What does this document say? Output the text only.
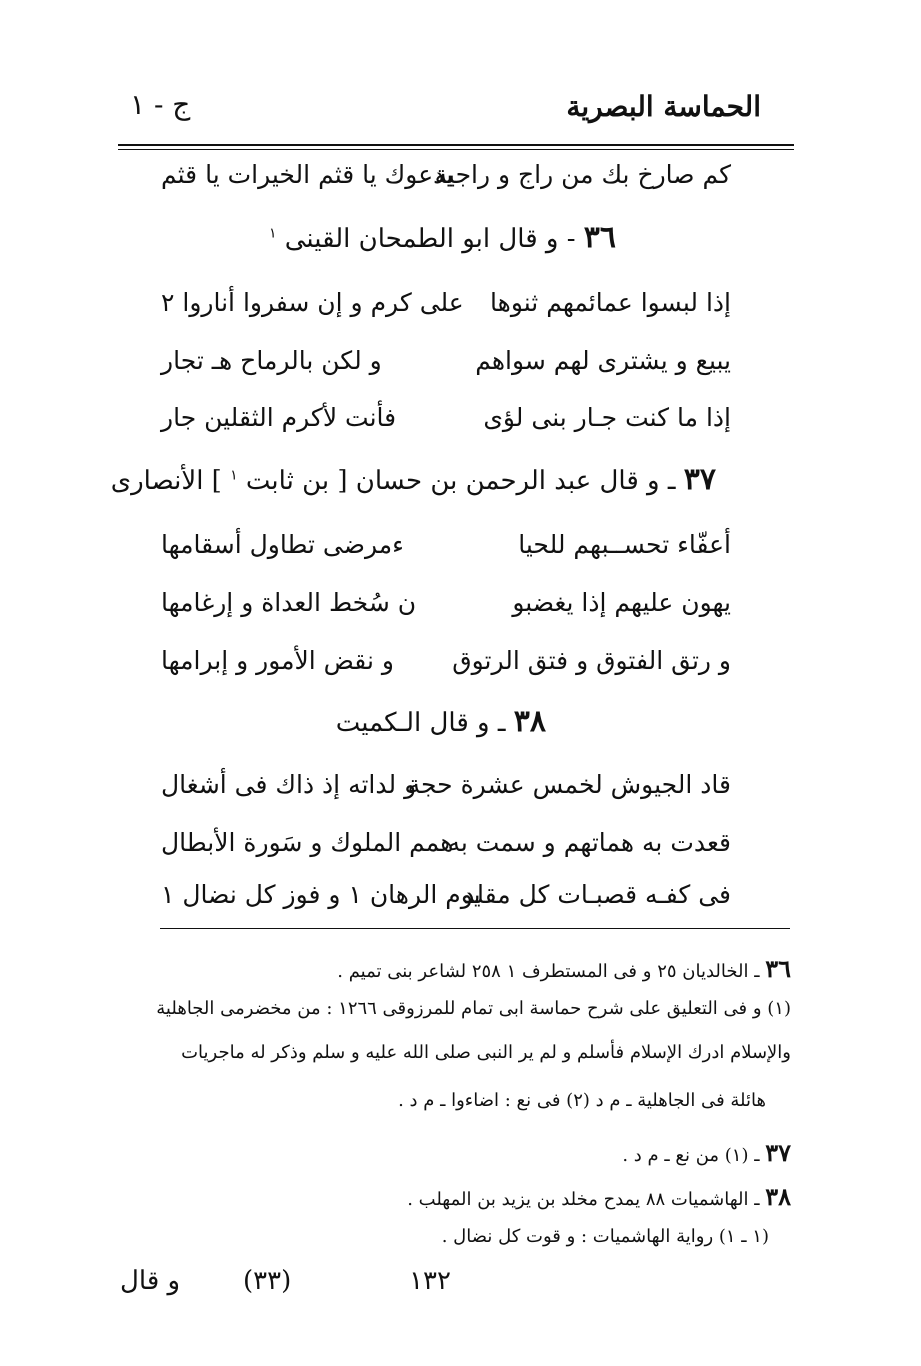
الحماسة البصرية
ج - ١
كم صارخ بك من راج و راجية
يدعوك يا قثم الخيرات يا قثم
٣٦ - و قال ابو الطمحان القينى $^١$
إذا لبسوا عمائمهم ثنوها
على كرم و إن سفروا أناروا ٢
يبيع و يشترى لهم سواهم
و لكن بالرماح هـ تجار
إذا ما كنت جـار بنى لؤى
فأنت لأكرم الثقلين جار
٣٧ ـ و قال عبد الرحمن بن حسان [ بن ثابت $^١$ ] الأنصارى
أعفّاء تحســبهم للحيا
ءمرضى تطاول أسقامها
يهون عليهم إذا يغضبو
ن سُخط العداة و إرغامها
و رتق الفتوق و فتق الرتوق
و نقض الأمور و إبرامها
٣٨ ـ و قال الـكميت
قاد الجيوش لخمس عشرة حجة
و لداته إذ ذاك فى أشغال
قعدت به هماتهم و سمت به
همم الملوك و سَورة الأبطال
فى كفـه قصبـات كل مقلد
يوم الرهان ١ و فوز كل نضال ١
٣٦ ـ الخالديان ٢٥ و فى المستطرف ١ ٢٥٨ لشاعر بنى تميم .
(١) و فى التعليق على شرح حماسة ابى تمام للمرزوقى ١٢٦٦ : من مخضرمى الجاهلية
والإسلام ادرك الإسلام فأسلم و لم ير النبى صلى الله عليه و سلم وذكر له ماجريات
هائلة فى الجاهلية ـ م د (٢) فى نع : اضاءوا ـ م د .
٣٧ ـ (١) من نع ـ م د .
٣٨ ـ الهاشميات ٨٨ يمدح مخلد بن يزيد بن المهلب .
(١ ـ ١) رواية الهاشميات : و قوت كل نضال .
١٣٢
(٣٣)
و قال
